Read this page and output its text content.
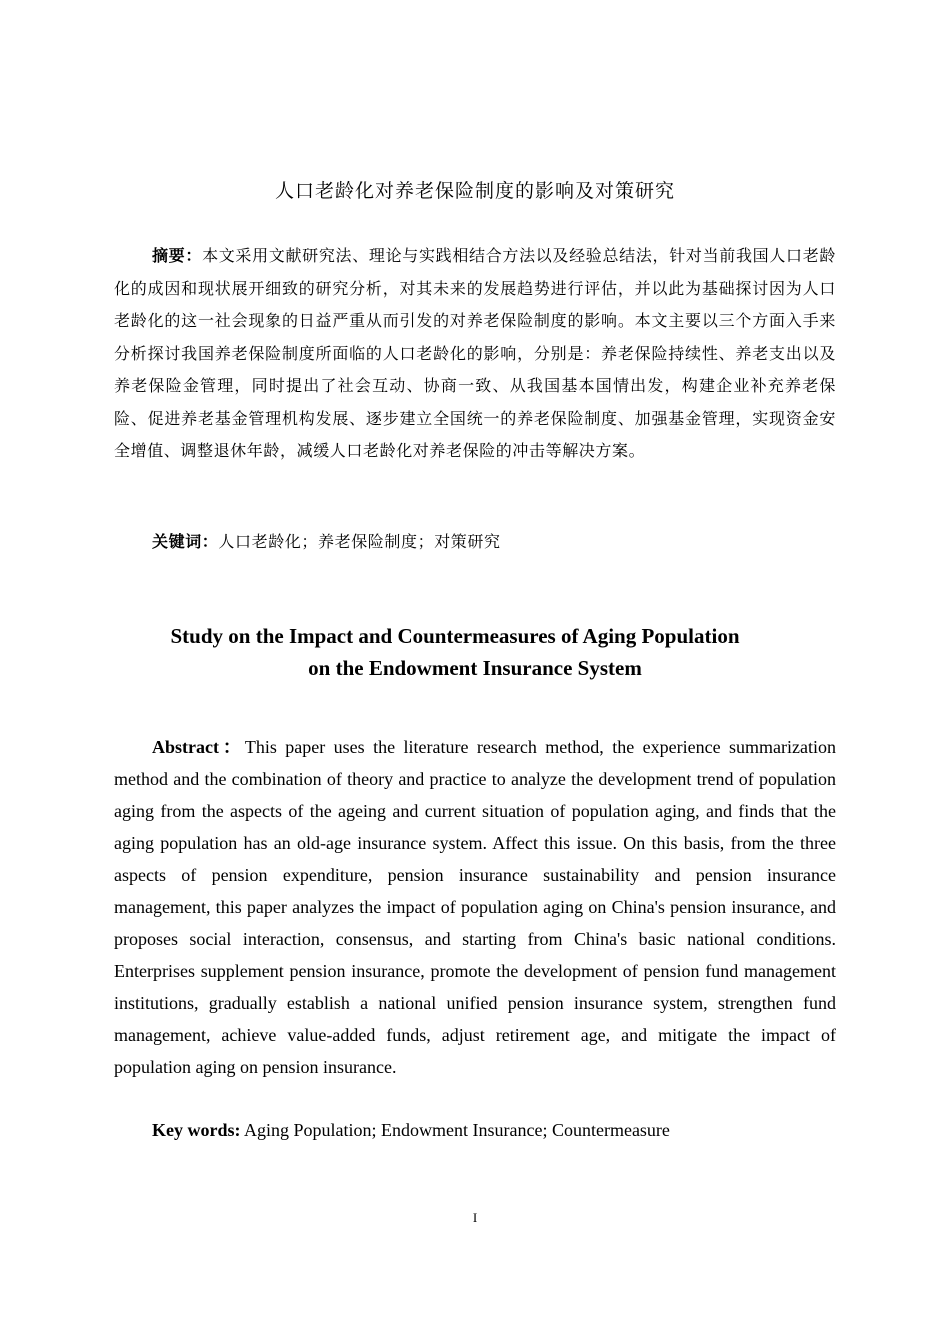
人口老龄化对养老保险制度的影响及对策研究
摘要：本文采用文献研究法、理论与实践相结合方法以及经验总结法，针对当前我国人口老龄化的成因和现状展开细致的研究分析，对其未来的发展趋势进行评估，并以此为基础探讨因为人口老龄化的这一社会现象的日益严重从而引发的对养老保险制度的影响。本文主要以三个方面入手来分析探讨我国养老保险制度所面临的人口老龄化的影响，分别是：养老保险持续性、养老支出以及养老保险金管理，同时提出了社会互动、协商一致、从我国基本国情出发，构建企业补充养老保险、促进养老基金管理机构发展、逐步建立全国统一的养老保险制度、加强基金管理，实现资金安全增值、调整退休年龄，减缓人口老龄化对养老保险的冲击等解决方案。
关键词：人口老龄化；养老保险制度；对策研究
Study on the Impact and Countermeasures of Aging Population
on the Endowment Insurance System
Abstract：This paper uses the literature research method, the experience summarization method and the combination of theory and practice to analyze the development trend of population aging from the aspects of the ageing and current situation of population aging, and finds that the aging population has an old-age insurance system. Affect this issue. On this basis, from the three aspects of pension expenditure, pension insurance sustainability and pension insurance management, this paper analyzes the impact of population aging on China's pension insurance, and proposes social interaction, consensus, and starting from China's basic national conditions. Enterprises supplement pension insurance, promote the development of pension fund management institutions, gradually establish a national unified pension insurance system, strengthen fund management, achieve value-added funds, adjust retirement age, and mitigate the impact of population aging on pension insurance.
Key words: Aging Population; Endowment Insurance; Countermeasure
I
